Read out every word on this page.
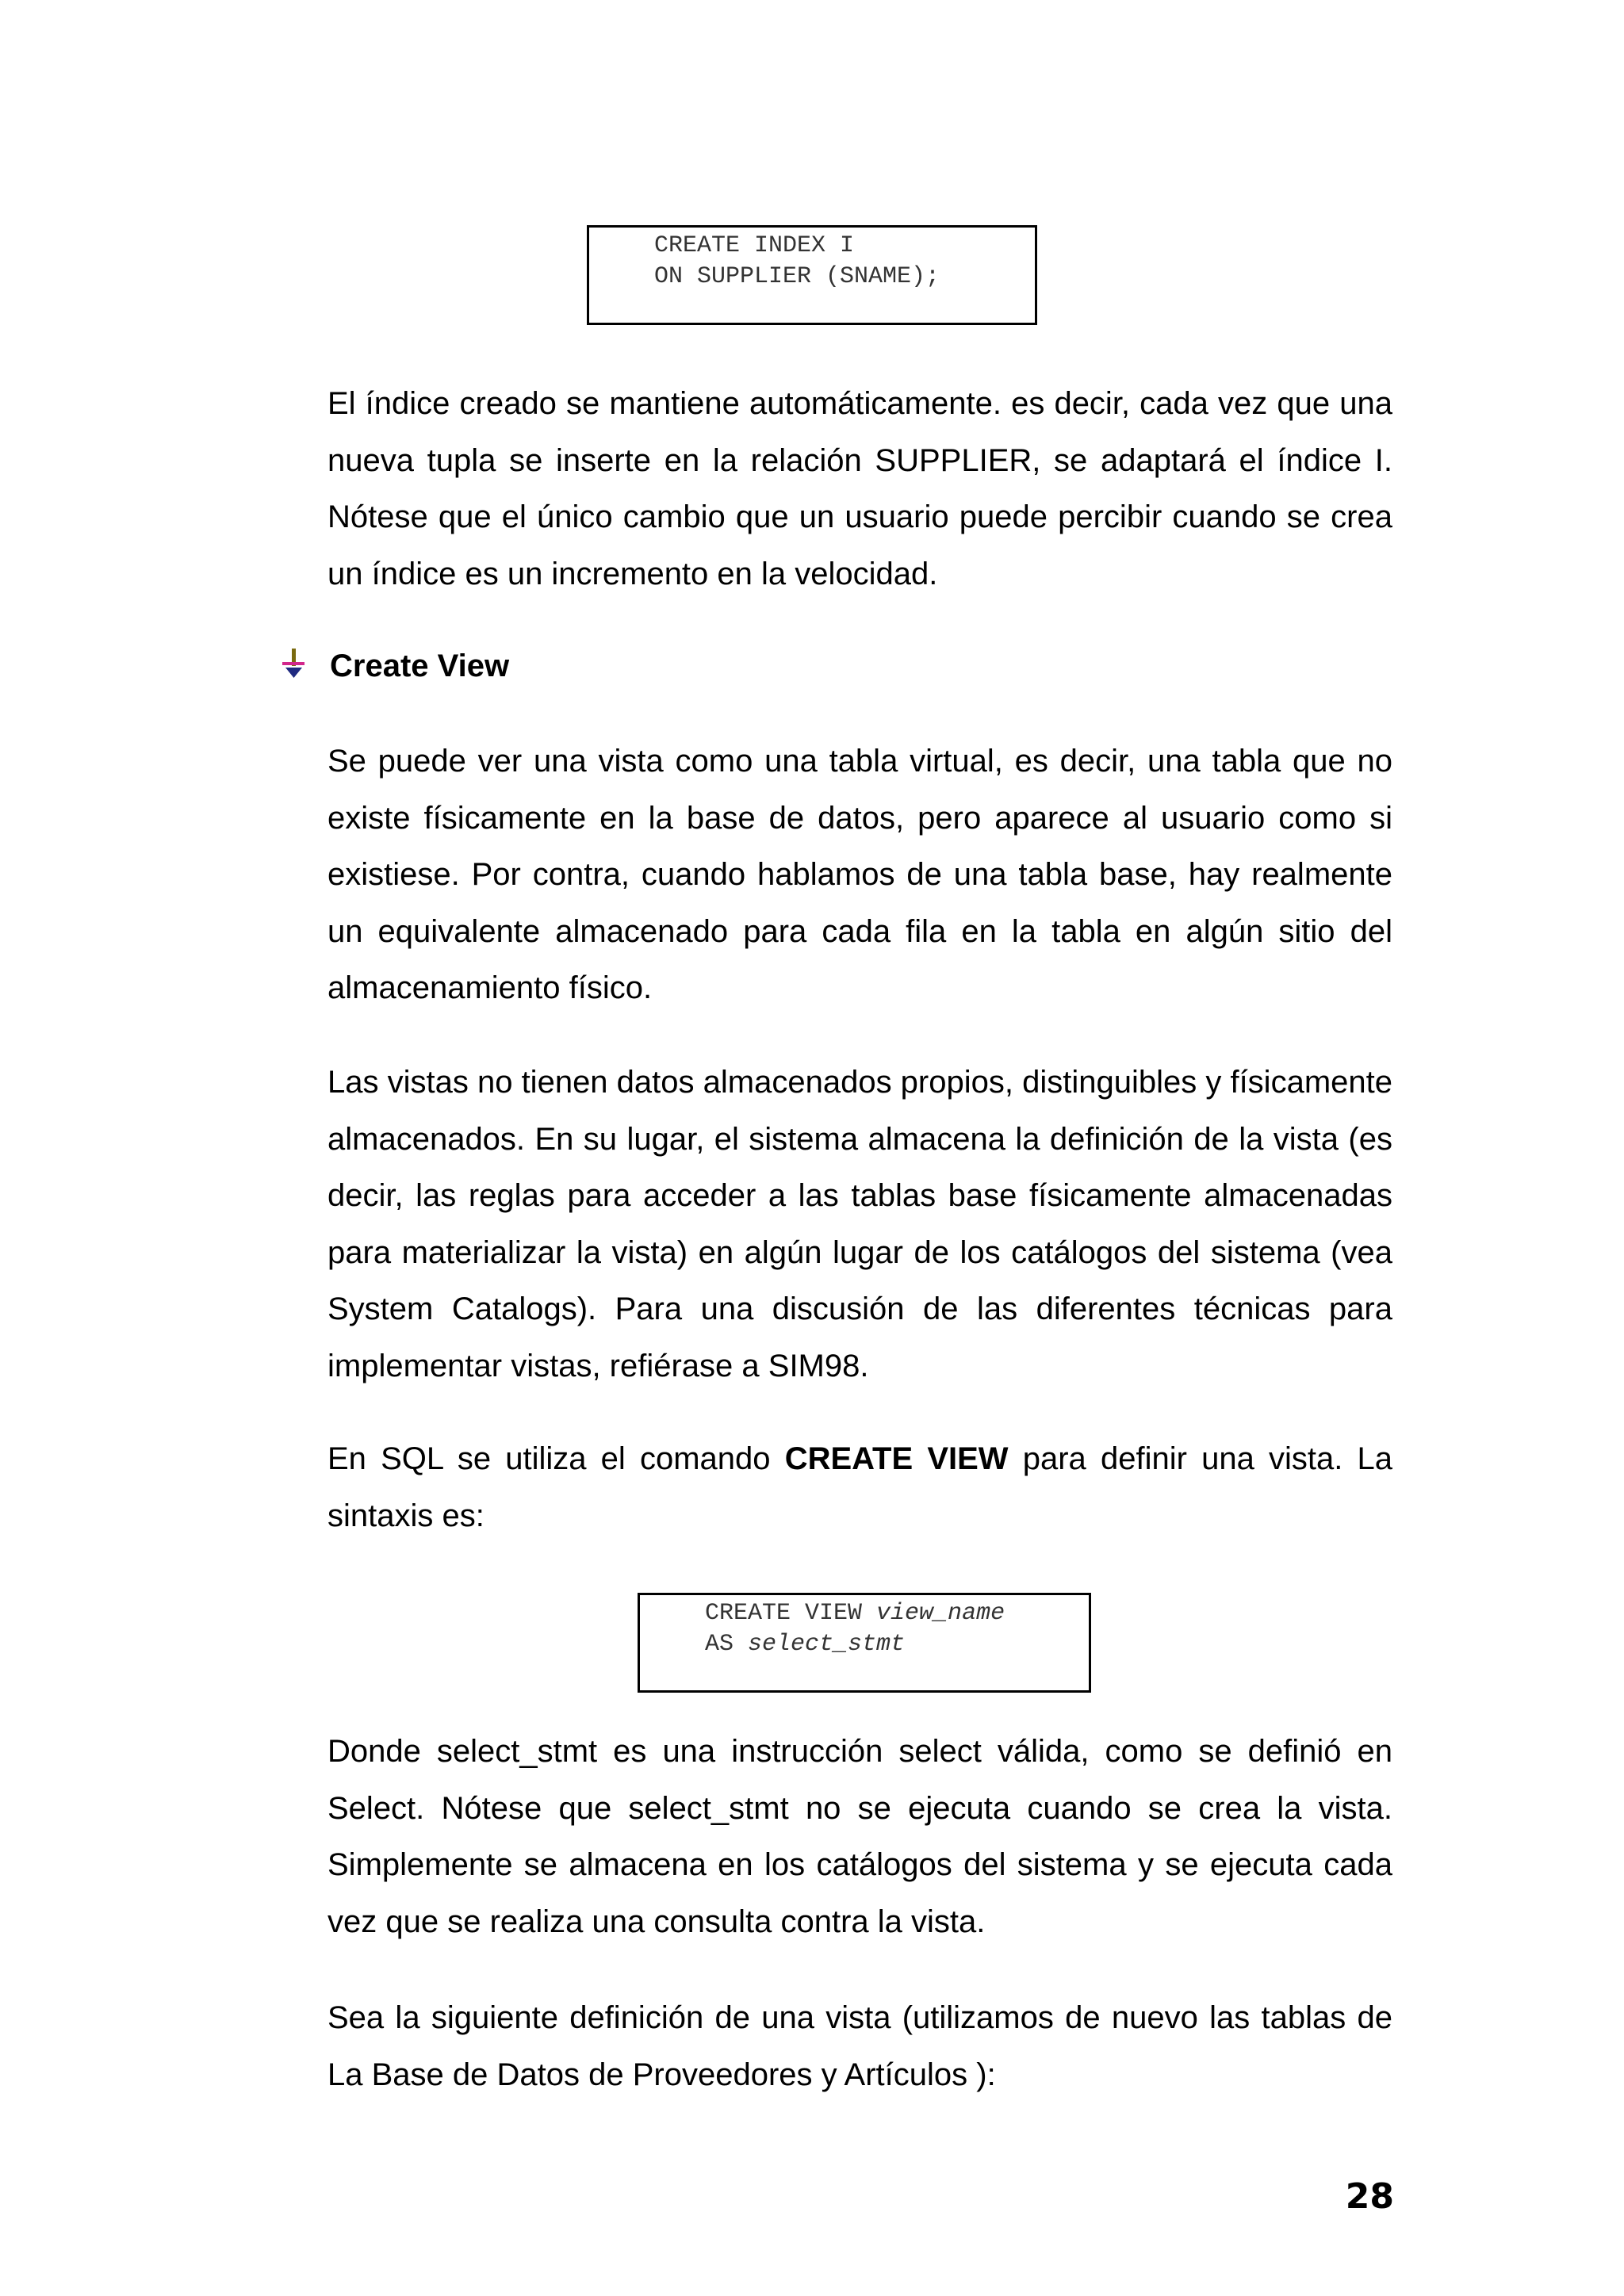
CREATE INDEX I
ON SUPPLIER (SNAME);

El índice creado se mantiene automáticamente. es decir, cada vez que una nueva tupla se inserte en la relación SUPPLIER, se adaptará el índice I. Nótese que el único cambio que un usuario puede percibir cuando se crea un índice es un incremento en la velocidad.

Create View

Se puede ver una vista como una tabla virtual, es decir, una tabla que no existe físicamente en la base de datos, pero aparece al usuario como si existiese. Por contra, cuando hablamos de una tabla base, hay realmente un equivalente almacenado para cada fila en la tabla en algún sitio del almacenamiento físico.

Las vistas no tienen datos almacenados propios, distinguibles y físicamente almacenados. En su lugar, el sistema almacena la definición de la vista (es decir, las reglas para acceder a las tablas base físicamente almacenadas para materializar la vista) en algún lugar de los catálogos del sistema (vea System Catalogs). Para una discusión de las diferentes técnicas para implementar vistas, refiérase a SIM98.

En SQL se utiliza el comando CREATE VIEW para definir una vista. La sintaxis es:

CREATE VIEW view_name
AS select_stmt

Donde select_stmt es una instrucción select válida, como se definió en Select. Nótese que select_stmt no se ejecuta cuando se crea la vista. Simplemente se almacena en los catálogos del sistema y se ejecuta cada vez que se realiza una consulta contra la vista.

Sea la siguiente definición de una vista (utilizamos de nuevo las tablas de La Base de Datos de Proveedores y Artículos ):

28
